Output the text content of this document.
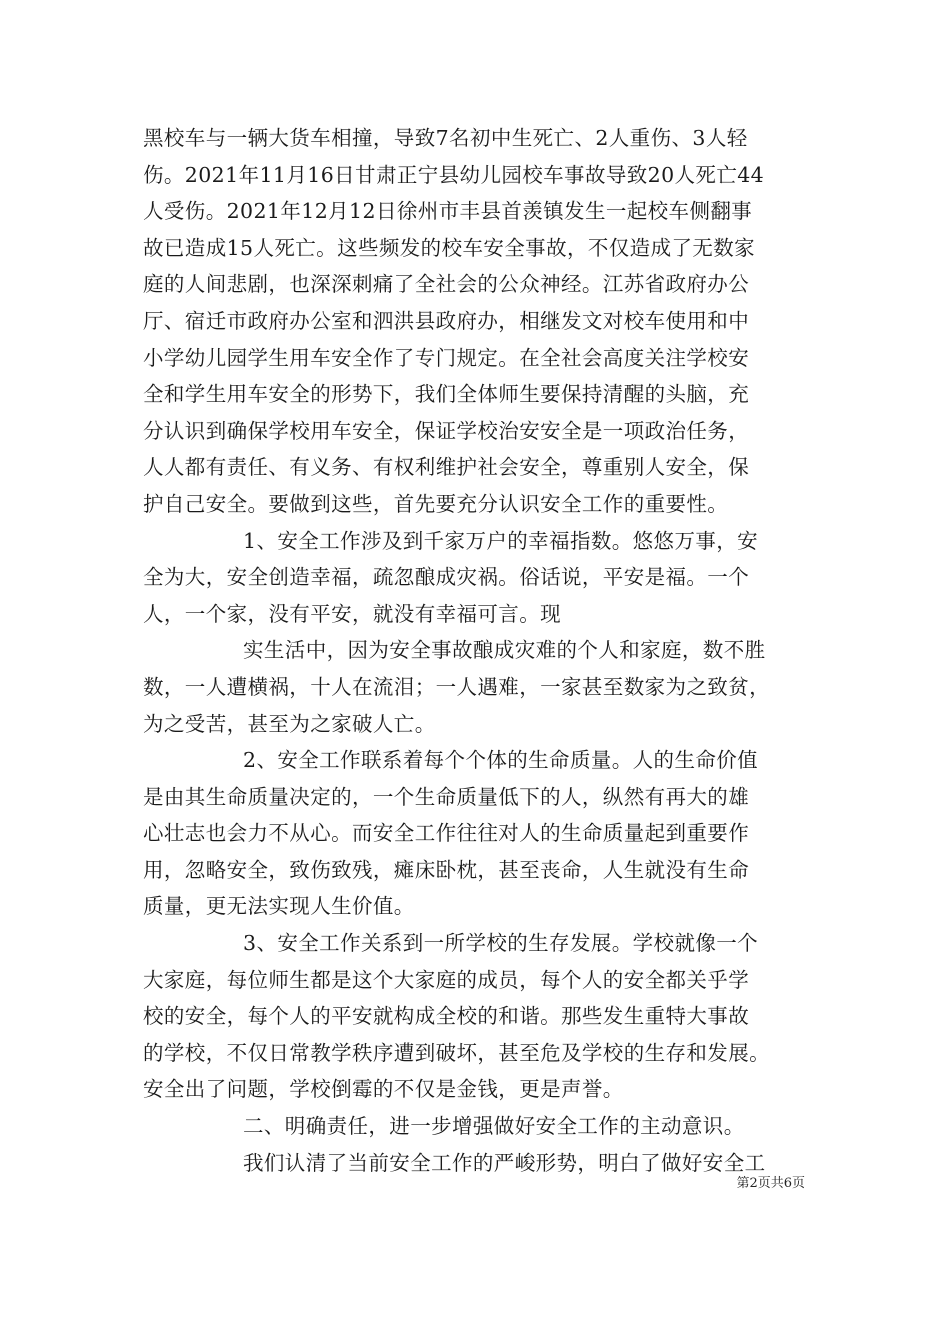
黑校车与一辆大货车相撞，导致7名初中生死亡、2人重伤、3人轻
伤。2021年11月16日甘肃正宁县幼儿园校车事故导致20人死亡44
人受伤。2021年12月12日徐州市丰县首羡镇发生一起校车侧翻事
故已造成15人死亡。这些频发的校车安全事故，不仅造成了无数家
庭的人间悲剧，也深深刺痛了全社会的公众神经。江苏省政府办公
厅、宿迁市政府办公室和泗洪县政府办，相继发文对校车使用和中
小学幼儿园学生用车安全作了专门规定。在全社会高度关注学校安
全和学生用车安全的形势下，我们全体师生要保持清醒的头脑，充
分认识到确保学校用车安全，保证学校治安安全是一项政治任务，
人人都有责任、有义务、有权利维护社会安全，尊重别人安全，保
护自己安全。要做到这些，首先要充分认识安全工作的重要性。
1、安全工作涉及到千家万户的幸福指数。悠悠万事，安
全为大，安全创造幸福，疏忽酿成灾祸。俗话说，平安是福。一个
人，一个家，没有平安，就没有幸福可言。现
实生活中，因为安全事故酿成灾难的个人和家庭，数不胜
数，一人遭横祸，十人在流泪；一人遇难，一家甚至数家为之致贫，
为之受苦，甚至为之家破人亡。
2、安全工作联系着每个个体的生命质量。人的生命价值
是由其生命质量决定的，一个生命质量低下的人，纵然有再大的雄
心壮志也会力不从心。而安全工作往往对人的生命质量起到重要作
用，忽略安全，致伤致残，瘫床卧枕，甚至丧命，人生就没有生命
质量，更无法实现人生价值。
3、安全工作关系到一所学校的生存发展。学校就像一个
大家庭，每位师生都是这个大家庭的成员，每个人的安全都关乎学
校的安全，每个人的平安就构成全校的和谐。那些发生重特大事故
的学校，不仅日常教学秩序遭到破坏，甚至危及学校的生存和发展。
安全出了问题，学校倒霉的不仅是金钱，更是声誉。
二、明确责任，进一步增强做好安全工作的主动意识。
我们认清了当前安全工作的严峻形势，明白了做好安全工
第2页共6页
